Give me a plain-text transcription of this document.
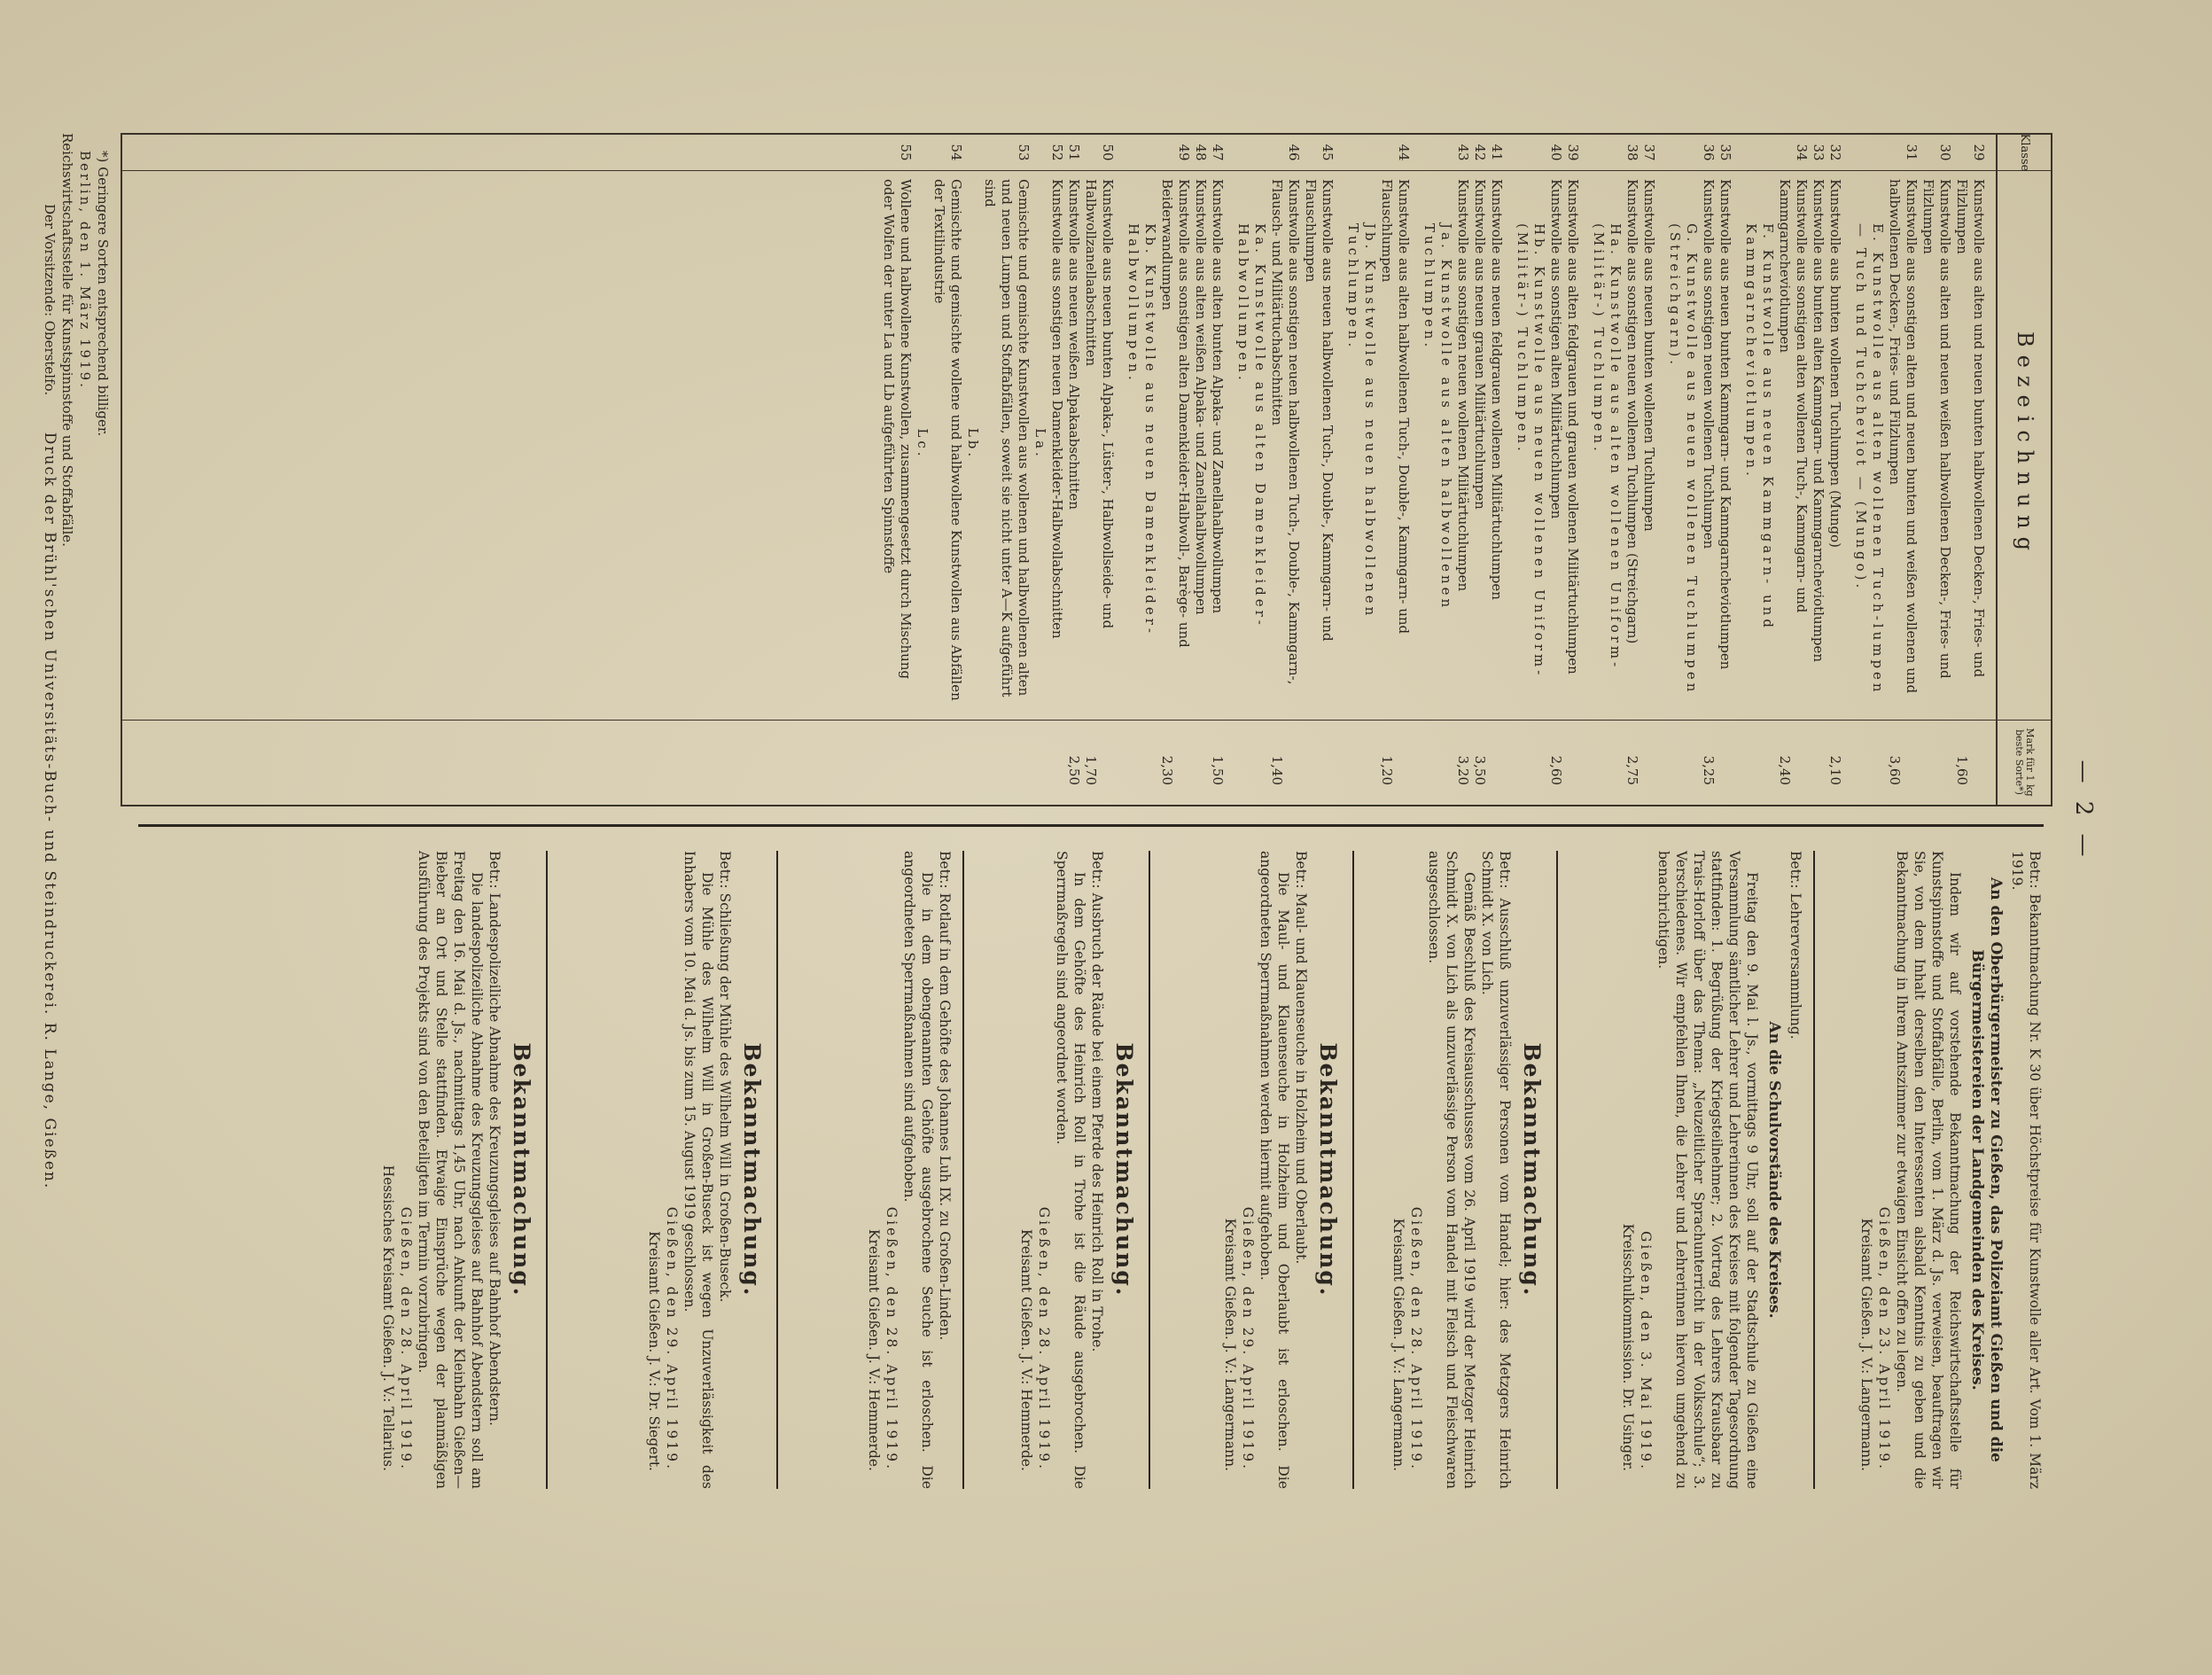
— 2 —
Klasse
Bezeichnung
Mark für 1 kg beste Sorte*)
29
Kunstwolle aus alten und neuen bunten halbwollenen Decken-, Fries- und Filzlumpen
1,60
30
Kunstwolle aus alten und neuen weißen halbwollenen Decken-, Fries- und Filzlumpen
31
Kunstwolle aus sonstigen alten und neuen bunten und weißen wollenen und halbwollenen Decken-, Fries- und Filzlumpen
3,60
E. Kunstwolle aus alten wollenen Tuch-lumpen — Tuch und Tuchcheviot — (Mungo).
32
Kunstwolle aus bunten wollenen Tuchlumpen (Mungo)
2,10
33
Kunstwolle aus bunten alten Kammgarn- und Kammgarncheviotlumpen
34
Kunstwolle aus sonstigen alten wollenen Tuch-, Kammgarn- und Kammgarncheviotlumpen
2,40
F. Kunstwolle aus neuen Kammgarn- und Kammgarncheviotlumpen.
35
Kunstwolle aus neuen bunten Kammgarn- und Kammgarncheviotlumpen
36
Kunstwolle aus sonstigen neuen wollenen Tuchlumpen
3,25
G. Kunstwolle aus neuen wollenen Tuchlumpen (Streichgarn).
37
Kunstwolle aus neuen bunten wollenen Tuchlumpen
38
Kunstwolle aus sonstigen neuen wollenen Tuchlumpen (Streichgarn)
2,75
Ha. Kunstwolle aus alten wollenen Uniform- (Militär-) Tuchlumpen.
39
Kunstwolle aus alten feldgrauen und grauen wollenen Militärtuchlumpen
40
Kunstwolle aus sonstigen alten Militärtuchlumpen
2,60
Hb. Kunstwolle aus neuen wollenen Uniform- (Militär-) Tuchlumpen.
41
Kunstwolle aus neuen feldgrauen wollenen Militärtuchlumpen
42
Kunstwolle aus neuen grauen Militärtuchlumpen
3,50
43
Kunstwolle aus sonstigen neuen wollenen Militärtuchlumpen
3,20
Ja. Kunstwolle aus alten halbwollenen Tuchlumpen.
44
Kunstwolle aus alten halbwollenen Tuch-, Double-, Kammgarn- und Flauschlumpen
1,20
Jb. Kunstwolle aus neuen halbwollenen Tuchlumpen.
45
Kunstwolle aus neuen halbwollenen Tuch-, Double-, Kammgarn- und Flauschlumpen
46
Kunstwolle aus sonstigen neuen halbwollenen Tuch-, Double-, Kammgarn-, Flausch- und Militärtuchabschnitten
1,40
Ka. Kunstwolle aus alten Damenkleider-Halbwollumpen.
47
Kunstwolle aus alten bunten Alpaka- und Zanellahalbwollumpen
1,50
48
Kunstwolle aus alten weißen Alpaka- und Zanellahalbwollumpen
49
Kunstwolle aus sonstigen alten Damenkleider-Halbwoll-, Barège- und Beiderwandlumpen
2,30
Kb. Kunstwolle aus neuen Damenkleider-Halbwollumpen.
50
Kunstwolle aus neuen bunten Alpaka-, Lüster-, Halbwollseide- und Halbwollzanellaabschnitten
1,70
51
Kunstwolle aus neuen weißen Alpakaabschnitten
2,50
52
Kunstwolle aus sonstigen neuen Damenkleider-Halbwollabschnitten
La.
53
Gemischte und gemischte Kunstwollen aus wollenen und halbwollenen alten und neuen Lumpen und Stoffabfällen, soweit sie nicht unter A—K aufgeführt sind
Lb.
54
Gemischte und gemischte wollene und halbwollene Kunstwollen aus Abfällen der Textilindustrie
Lc.
55
Wollene und halbwollene Kunstwollen, zusammengesetzt durch Mischung oder Wolfen der unter La und Lb aufgeführten Spinnstoffe
*) Geringere Sorten entsprechend billiger.
Berlin, den 1. März 1919.
Reichswirtschaftsstelle für Kunstspinnstoffe und Stoffabfälle.
Der Vorsitzende: Oberstelfo.

Betr.: Bekanntmachung Nr. K 30 über Höchstpreise für Kunstwolle aller Art. Vom 1. März 1919.

An den Oberbürgermeister zu Gießen, das Polizeiamt Gießen und die Bürgermeistereien der Landgemeinden des Kreises.

Indem wir auf vorstehende Bekanntmachung der Reichswirtschaftsstelle für Kunstspinnstoffe und Stoffabfälle, Berlin, vom 1. März d. Js. verweisen, beauftragen wir Sie, von dem Inhalt derselben den Interessenten alsbald Kenntnis zu geben und die Bekanntmachung in Ihrem Amtszimmer zur etwaigen Einsicht offen zu legen.

Gießen, den 23. April 1919.

Kreisamt Gießen. J. V.: Langermann.

Betr.: Lehrerversammlung.

An die Schulvorstände des Kreises.

Freitag den 9. Mai l. Js., vormittags 9 Uhr, soll auf der Stadtschule zu Gießen eine Versammlung sämtlicher Lehrer und Lehrerinnen des Kreises mit folgender Tagesordnung stattfinden: 1. Begrüßung der Kriegsteilnehmer; 2. Vortrag des Lehrers Krausbaar zu Trais-Horloff über das Thema: „Neuzeitlicher Sprachunterricht in der Volksschule“; 3. Verschiedenes. Wir empfehlen Ihnen, die Lehrer und Lehrerinnen hiervon umgehend zu benachrichtigen.

Gießen, den 3. Mai 1919.

Kreisschulkommission. Dr. Usinger.

Bekanntmachung.

Betr.: Ausschluß unzuverlässiger Personen vom Handel; hier: des Metzgers Heinrich Schmidt X. von Lich.

Gemäß Beschluß des Kreisausschusses vom 26. April 1919 wird der Metzger Heinrich Schmidt X. von Lich als unzuverlässige Person vom Handel mit Fleisch und Fleischwaren ausgeschlossen.

Gießen, den 28. April 1919.

Kreisamt Gießen. J. V.: Langermann.

Bekanntmachung.

Betr.: Maul- und Klauenseuche in Holzheim und Oberlaubt.

Die Maul- und Klauenseuche in Holzheim und Oberlaubt ist erloschen. Die angeordneten Sperrmaßnahmen werden hiermit aufgehoben.

Gießen, den 29. April 1919.

Kreisamt Gießen. J. V.: Langermann.

Bekanntmachung.

Betr.: Ausbruch der Räude bei einem Pferde des Heinrich Roll in Trohe.

In dem Gehöfte des Heinrich Roll in Trohe ist die Räude ausgebrochen. Die Sperrmaßregeln sind angeordnet worden.

Gießen, den 28. April 1919.

Kreisamt Gießen. J. V.: Hemmerde.

Betr.: Rotlauf in dem Gehöfte des Johannes Luh IX. zu Großen-Linden.

Die in dem obengenannten Gehöfte ausgebrochene Seuche ist erloschen. Die angeordneten Sperrmaßnahmen sind aufgehoben.

Gießen, den 28. April 1919.

Kreisamt Gießen. J. V.: Hemmerde.

Bekanntmachung.

Betr.: Schließung der Mühle des Wilhelm Will in Großen-Buseck.

Die Mühle des Wilhelm Will in Großen-Buseck ist wegen Unzuverlässigkeit des Inhabers vom 10. Mai d. Js. bis zum 15. August 1919 geschlossen.

Gießen, den 29. April 1919.

Kreisamt Gießen. J. V.: Dr. Siegert.

Bekanntmachung.

Betr.: Landespolizeiliche Abnahme des Kreuzungsgleises auf Bahnhof Abendstern.

Die landespolizeiliche Abnahme des Kreuzungsgleises auf Bahnhof Abendstern soll am Freitag den 16. Mai d. Js., nachmittags 1,45 Uhr, nach Ankunft der Kleinbahn Gießen—Bieber an Ort und Stelle stattfinden. Etwaige Einsprüche wegen der planmäßigen Ausführung des Projekts sind von den Beteiligten im Termin vorzubringen.

Gießen, den 28. April 1919.

Hessisches Kreisamt Gießen. J. V.: Tellarius.

Druck der Brühl'schen Universitäts-Buch- und Steindruckerei. R. Lange, Gießen.
